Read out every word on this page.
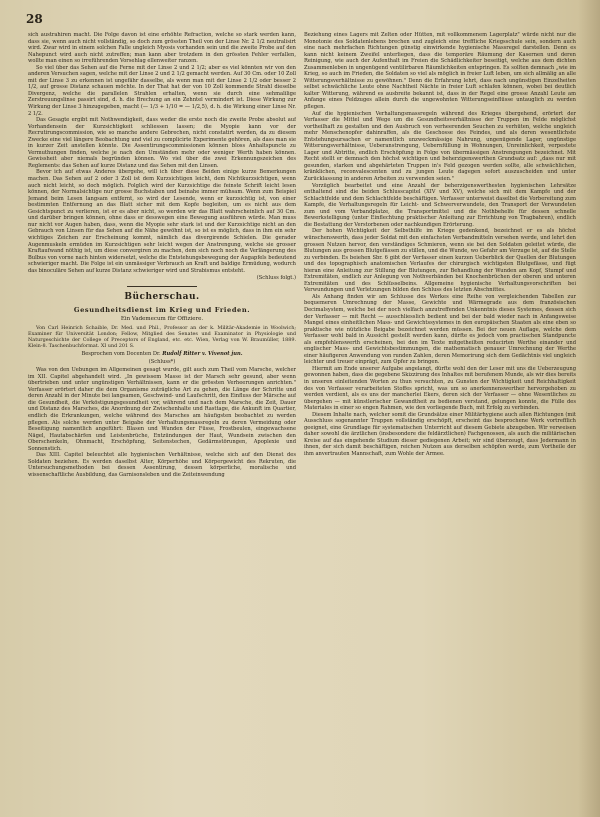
28

sich austrahiren macht. Die Folge davon ist eine erhöhte Refraction, welche so stark werden kann, dass sie, wenn auch nicht vollständig, so doch zum grössten Theil von der Linse Nr. 2 1/2 neutralisirt wird. Zwar wird in einem solchen Falle ungleich Myosis vorhanden sein und die zweite Probe auf den Nahepunct wird auch nicht zutreffen; man kann aber trotzdem in den grössten Fehler verfallen, wollte man einen so irreführenden Vorsehlag ellenweiter ranzen.

So viel über das Sehen auf die Ferne mit der Linse 2 und 2 1/2; aber es viel könnten wir von den anderen Versuchen sagen, welche mit der Linse 2 und 2 1/2 gemacht werden. Auf 30 Cm. oder 10 Zoll mit der Linse 3 zu erkennen ist ungefähr dasselbe, als wenn man mit der Linse 2 1/2 oder besser 2 1/2, auf grosse Distanz schauen möchte. In der That hat der von 10 Zoll kommende Strahl dieselbe Divergenz, welche die parallelen Strahlen erhalten, wenn sie durch eine sehmalilige Zerstreuungslinse passirt sind, d. h. die Brechung an ein Zehntel vermindert ist. Diese Wirkung zur Wirkung der Linse 3 hinzugegeben, macht (— 1/3 + 1/10 = — 1/2,5), d. h. die Wirkung einer Linse Nr. 2 1/2.

Das Gesagte ergibt mit Nothwendigkeit, dass weder die erste noch die zweite Probe absolut auf Vorhandensein der Kurzsichtigkeit schliessen lassen; die Myopie kann vor der Recrutirungscommission, wie so manche andere Gebrechen, nicht constatirt werden, da zu diesem Zwecke eine viel längere Beobachtung und viel zu complicirte Experimente gehören, als dass man sie in kurzer Zeit anstellen könnte. Die Assentirungscommissionen können bloss Anhaltspuncte zu Vermuthungen finden, welche je nach den Umständen mehr oder weniger Werth haben können. Gewissheit aber niemals begründen können. Wo viel über die zwei Erkennungszeichen des Reglements: das Sehen auf kurze Distanz und das Sehen mit den Linsen.

Bevor ich auf etwas Anderes übergehe, will ich über diese Beiden einige kurze Bemerkungen machen. Das Sehen auf 2 oder 3 Zoll ist dem Kurzsichtigen leicht, dem Nichtkurzsichtigen, wenn auch nicht leicht, so doch möglich. Folglich wird der Kurzsichtige die feinste Schrift leicht lesen können, der Normalsichtige nur grosse Buchstaben und beinahe immer mühsam. Wenn zum Beispiel Jemand beim Lesen langsam entfernt, so wird der Lesende, wenn er kurzsichtig ist, von einer bestimmten Entfernung an das Blatt sicher mit dem Kopfe begleiten, um es nicht aus dem Gesichtspunct zu verlieren, ist er es aber nicht, so werden wir das Blatt wahrscheinlich auf 30 Cm. und darüber bringen können, ohne dass er desswegen eine Bewegung ausführen würde. Man muss nur nicht vor Augen haben, dass, wenn die Myopie sehr stark ist und der Kurzsichtige nicht an den Gebrauch von Linsen für das Sehen auf die Nähe gewöhnt ist, so ist es möglich, dass in ihm ein sehr wichtiges Zeichen zur Erscheinung kommt, nämlich das divergirende Schielen. Die gerader Augenmuskeln ermüden im Kurzsichtigen sehr leicht wegen der Anstrengung, welche sie grosser Kraftaufwand nöthig ist, um diese convergiren zu machen, dem sich noch noch die Verlängerung des Bulbus von vorne nach hinten widersetzt, welche die Entstehungsbewegung der Augapfels bedeutend schwieriger macht. Die Folge ist ein unmässiger Verbrauch an Kraft und baldige Ermüdung, wodurch das binoculäre Sehen auf kurze Distanz schwieriger wird und Strabismus entsteht.

(Schluss folgt.)

Bücherschau.
Gesundheitsdienst im Krieg und Frieden.
Ein Vademecum für Offiziere.
Von Carl Heinrich Schaible, Dr. Med. und Phil., Professor an der k. Militär-Akademie in Woolwich; Examiner für Universität London; Fellow, Mitglied des Senates und Examinator in Physiologie und Naturgeschichte der College of Preceptors of England, etc. etc. Wien, Verlag von W. Braumüller, 1889. Klein-8. Taschenbuchformat. XI und 201 S.
Besprochen vom Docenten Dr. Rudolf Ritter v. Vivenot jun.
(Schluss*)

Was von den Uebungen im Allgemeinen gesagt wurde, gilt auch zum Theil vom Marsche, welcher im XII. Capitel abgehandelt wird. „In gewissem Masse ist der Marsch sehr gesund, aber wenn übertrieben und unter ungünstigen Verhältnissen, kann er die grössten Verheerungen anrichten." Verfasser erörtert daher die dem Organisme zuträgliche Art zu gehen, die Länge der Schritte und deren Anzahl in der Minute bei langsamen, Geschwind- und Laufschritt, den Einfluss der Märsche auf die Gesundheit, die Verköstigungsgesundheit vor, während und nach dem Marsche, die Zeit, Dauer und Distanz des Marsches, die Anordnung der Zwischenhalte und Rasttage, die Ankunft im Quartier, endlich die Erkrankungen, welche während des Marsches am häufigsten beobachtet zu werden pflegen. Als solche werden unter Beigabe der Verhaltungsmassregeln zu deren Vermeidung oder Beseitigung namentlich angeführt: Blasen und Wunden der Füsse, Frostbeulen, eingewachsene Nägel, Hautabschärfen und Leistenbrüche, Entzündungen der Haut, Wundsein zwischen den Oberschenkeln, Ohnmacht, Erschöpfung, Seitenstechen, Gedärmstörungen, Apoplexie und Sonnenstich.

Das XIII. Capitel beleuchtet alle hygienischen Verhältnisse, welche sich auf den Dienst des Soldaten beziehen. Es werden daselbst Alter, Körperhöhe und Körpergewicht des Rekruten, die Untersuchungsmethoden bei dessen Assentirung, dessen körperliche, moralische und wissenschaftliche Ausbildung, das Garnisonsleben und die Zeiteinwendung

Beziehung eines Lagers mit Zelten oder Hütten, mit vollkommenem Lagerplatz" würde nicht nur die Monotonie des Soldatenlebens brechen und zugleich eine treffliche Kriegsschule sein, sondern auch eine nach mehrfachen Richtungen günstig einwirkende hygienische Massregel darstellen. Denn es kann nicht keinem Zweifel unterliegen, dass die temporäre Räumung der Kasernen und deren Reinigung, wie auch der Aufenthalt im Freien die Schädlichkeiter beseitigt, welche aus dem dichten Zusammenleben in ungenügend ventilirbaren Räumlichkeiten entspringen. Es sollten demnach „wie im Krieg, so auch im Frieden, die Soldaten so viel als möglich in freier Luft leben, um sich allmälig an alle Witterungsverhältnisse zu gewöhnen." Denn die Erfahrung lehrt, dass nach ungünstigen Einzelheiten selbst schwächliche Leute ohne Nachtheil Nächte in freier Luft schlafen können, wobei bei deutlich kalter Witterung, während es ausbreite bekannt ist, dass in der Regel eine grosse Anzahl Leute am Anfange eines Feldzuges allein durch die ungewohnten Witterungseinflüsse untauglich zu werden pflegen.

Auf die hygienischen Verhaltungsmassregeln während des Krieges übergehend, erörtert der Verfasser die Mittel und Wege um die Gesundheitsverhältnisse der Truppen im Felde möglichst vortheilhaft zu gestalten und den Ausbruch von verheerenden Seuchen zu verhüten, welche ungleich mehr Menschenopfer dahinraffen, als die Geschosse des Feindes, und als deren wesentlichste Entstehungsursachen er namentlich unzweckmässige Nahrung, ungenügende Lager, ungünstige Witterungsverhältnisse, Ueberanstrengung, Uebernfüllung in Wohnungen, Unreinlichkeit, verpestete Lager und Abtritte, endlich Erschöpfung in Folge von übermässigen Anstrengungen bezeichnet. Mit Recht stellt er demnach den höchst wichtigen und beherzigenswerthen Grundsatz auf: „dass nur mit gesunden, starken und abgehärteten Truppen in's Feld gezogen werden sollte, alle schwächlichen, kränklichen, reconvalescenten und zu jungen Leute dagegen sofort auszuscheiden und unter Zurücklassung in anderen Arbeiten zu verwenden seien."

Vorzüglich bearbeitet und eine Anzahl der beherzigenswerthesten hygienischen Lehrsätze enthaltend sind die beiden Schlusscapitel (XIV und XV), welche sich mit dem Kampfe und der Schlachtfelde und dem Schlachtfelde beschäftigen. Verfasser unterweist daselbst die Vorbereitung zum Kampfe, die Verhaltungsregeln für Leicht- und Schwerverwundete, den Transport der Verwundeten zum und vom Verbandplatze, die Transportmittel und die Nothbehelfe für dessen schnelle Bewerkstelligung (unter Einflechtung praktischer Anleitung zur Errichtung von Tragbahren), endlich die Bestattung der Verstorbenen oder nachkundigen Erörterung.

Der hohen Wichtigkeit der Selbsthilfe im Kriege gedenkend, bezeichnet er es als höchst wünschenswerth, dass jeder Soldat mit den einfachsten Verbandmitteln versehen werde, und lehrt den grossen Nutzen hervor, den verständiges Schmieren, wenn sie bei den Soldaten geleitet würde, die Blutungen aus grossen Blutgefässen zu stillen, und die Wunde, wo Gefahr am Verzuge ist, auf die Stelle zu verbinden. Es beiehen Sbr. 6 gibt der Verfasser einen kurzen Ueberblick der Quellen der Blutungen und des topographisch anatomischen Verlaufes der chirurgisch wichtigsten Blutgefässe, und fügt hieran eine Anleitung zur Stillung der Blutungen, zur Behandlung der Wunden am Kopf, Stumpf und Extremitäten, endlich zur Anlegung von Nothverbänden bei Knochenbrüchen der oberen und unteren Extremitäten und des Schlüsselbeins. Allgemeine hygienische Verhaltungsvorschriften bei Verwundungen und Verletzungen bilden den Schluss des letzten Abschnittes.

Als Anhang finden wir am Schlusse des Werkes eine Reihe von vergleichenden Tabellen zur bequemeren Umrechnung der Masse, Gewichte und Wärmegrade aus dem französischen Decimalsystem, welche bei der noch vielfach anzutreffenden Unkenntnis dieses Systemes, dessen sich der Verfasser — mit Recht — ausschliesslich bedient und bei der bald wieder nach in Anfangsweise Mangel eines einheitlichen Mass- und Gewichtssystemes in den europäischen Staaten als eine eben so praktische wie nützliche Beigabe bezeichnet werden müssen. Bei der neuen Auflage, welche dem Verfasser wohl bald in Aussicht gestellt werden kann, dürfte es jedoch vom practischen Standpuncte als empfehlenswerth erscheinen, bei den im Texte mitgetheilten reducirten Werthe einander und englischer Mass- und Gewichtsbestimmungen, die mathematisch genauer Umrechnung der Werthe einer häufigeren Anwendung von runden Zahlen, deren Memorirung sich dem Gedächtnis viel ungleich leichter und treuer einprägt, zum Opfer zu bringen.

Hiermit am Ende unserer Aufgabe angelangt, dürfte wohl den der Leser mit uns die Ueberzeugung gewonnen haben, dass die gegebene Skizzirung des Inhaltes mit berufenem Munde, als wir dies bereits in unseren einleitenden Worten zu thun versuchten, zu Gunsten der Wichtigkeit und Reichhaltigkeit des von Verfasser verarbeiteten Stoffes spricht, was um so anerkennenswerther hervorgehoben zu werden verdient, als es uns der mancherlei Ekers, deren sich der Verfasser — ohne Wesentliches zu übergehen — mit künstlerischer Gewandtheit zu bedienen verstand, gelungen konnte, die Fülle des Materiales in einer so engen Rahmen, wie den vorliegende Buch, mit Erfolg zu verbinden.

Diesem Inhalte nach, welcher somit die Grundsätze einer Militärhygiene auch allen Richtungen (mit Ausschluss sogenannter Truppen vollständig erschöpft, erscheint das besprochene Werk vortrefflich geeignet, eine Grundlage für systematischen Unterricht auf diesem Gebiete abzugeben. Wir verweisen daher sowohl die ärztlichen (insbesondere die feldärztlichen) Fachgenossen, als auch die militärischen Kreise auf das eingehende Studium dieser gediegenen Arbeit; wir sind überzeugt, dass Jedermann in ihnen, der sich damit beschäftigen, reichen Nutzen aus derselben schöpfen werde, zum Vortheile der ihm anvertrauten Mannschaft, zum Wohle der Armee.
